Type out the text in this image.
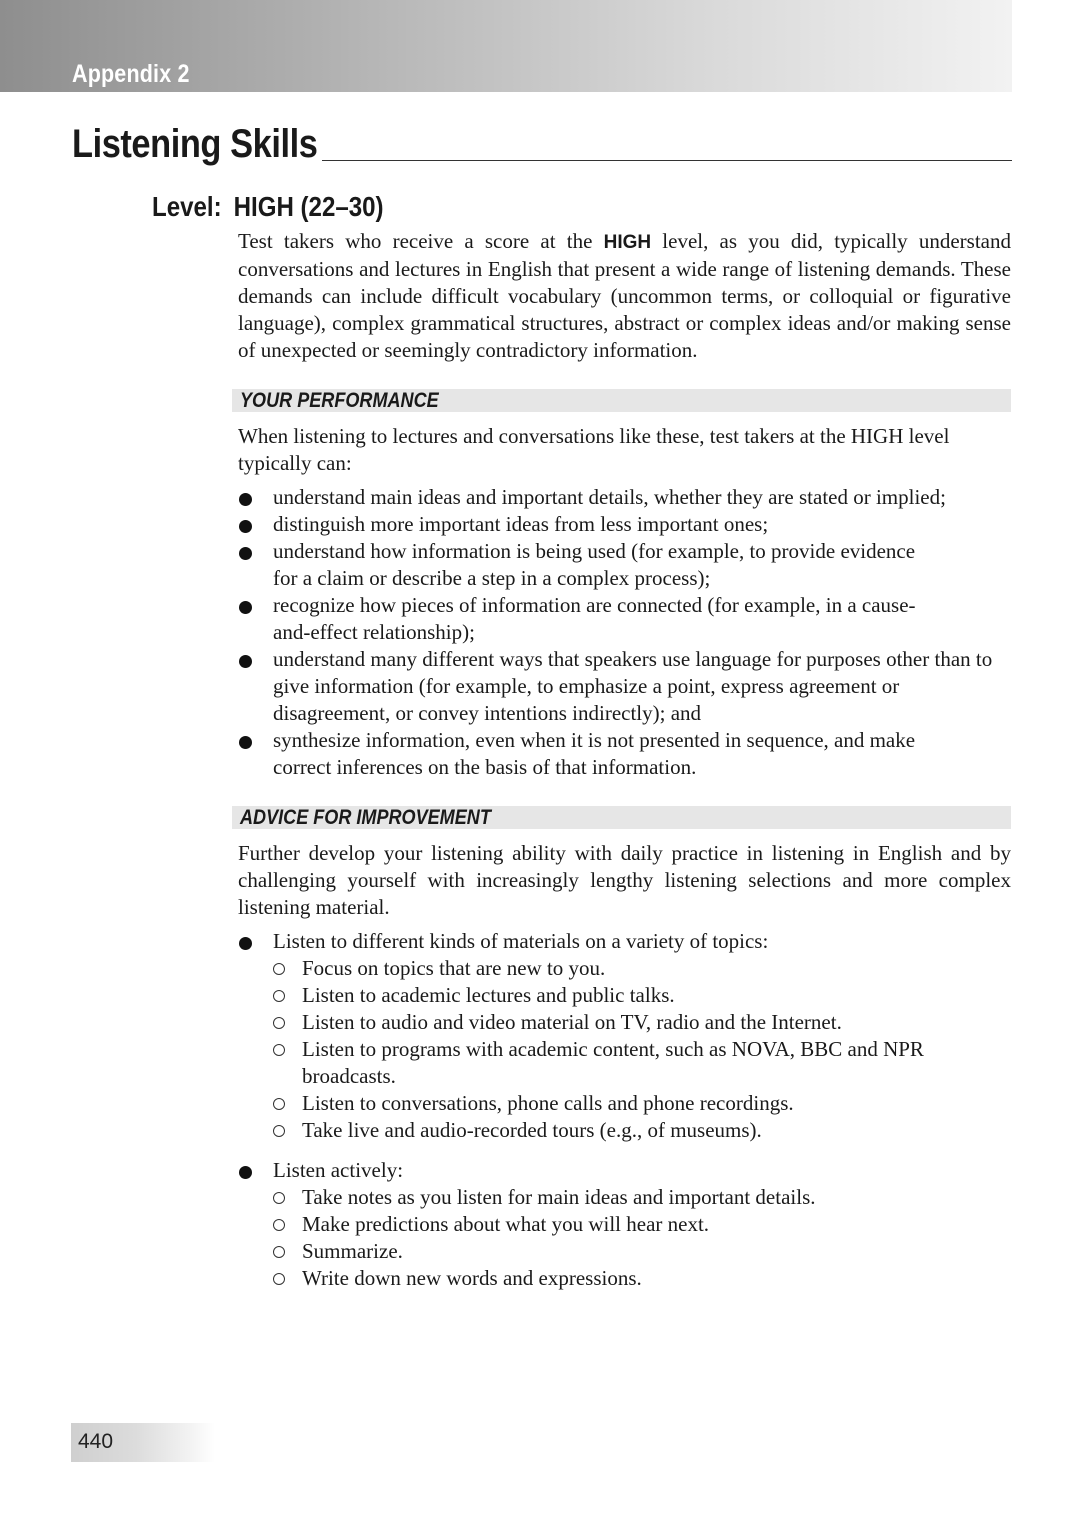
Appendix 2
Listening Skills
Level: HIGH (22–30)

Test takers who receive a score at the HIGH level, as you did, typically understand conversations and lectures in English that present a wide range of listening demands. These demands can include difficult vocabulary (uncommon terms, or colloquial or figurative language), complex grammatical structures, abstract or complex ideas and/or making sense of unexpected or seemingly contradictory information.

YOUR PERFORMANCE

When listening to lectures and conversations like these, test takers at the HIGH level typically can:

understand main ideas and important details, whether they are stated or implied;
distinguish more important ideas from less important ones;
understand how information is being used (for example, to provide evidence for a claim or describe a step in a complex process);
recognize how pieces of information are connected (for example, in a cause-and-effect relationship);
understand many different ways that speakers use language for purposes other than to give information (for example, to emphasize a point, express agreement or disagreement, or convey intentions indirectly); and
synthesize information, even when it is not presented in sequence, and make correct inferences on the basis of that information.
ADVICE FOR IMPROVEMENT

Further develop your listening ability with daily practice in listening in English and by challenging yourself with increasingly lengthy listening selections and more complex listening material.

Listen to different kinds of materials on a variety of topics:
Focus on topics that are new to you.
Listen to academic lectures and public talks.
Listen to audio and video material on TV, radio and the Internet.
Listen to programs with academic content, such as NOVA, BBC and NPR broadcasts.
Listen to conversations, phone calls and phone recordings.
Take live and audio-recorded tours (e.g., of museums).
Listen actively:
Take notes as you listen for main ideas and important details.
Make predictions about what you will hear next.
Summarize.
Write down new words and expressions.
440
